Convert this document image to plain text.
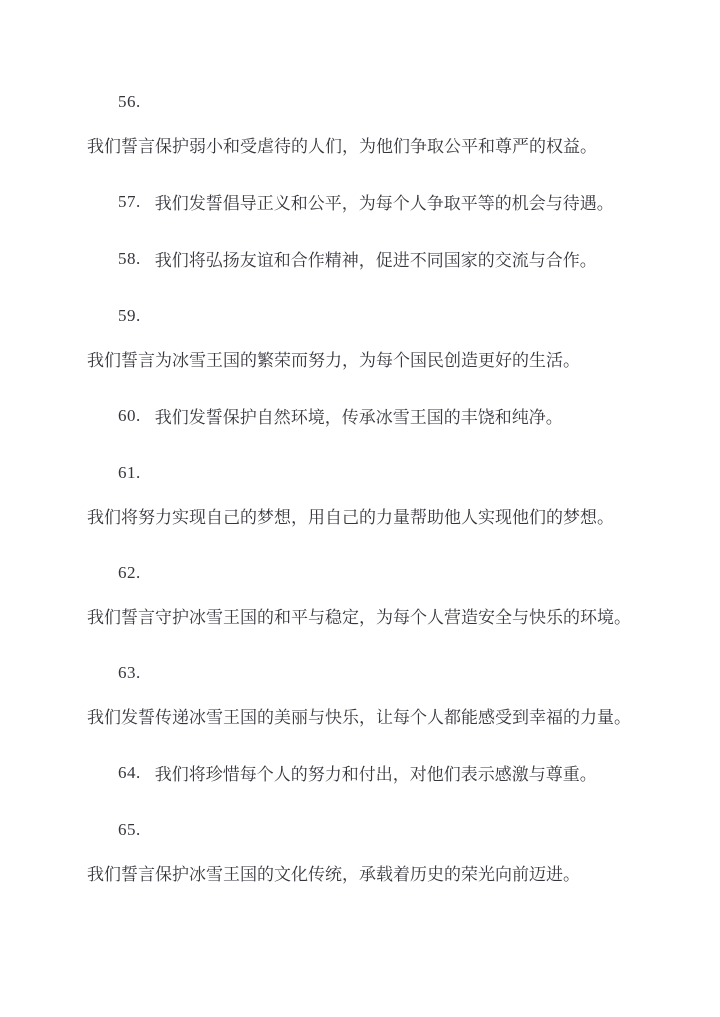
56.
我们誓言保护弱小和受虐待的人们，为他们争取公平和尊严的权益。
57. 我们发誓倡导正义和公平，为每个人争取平等的机会与待遇。
58. 我们将弘扬友谊和合作精神，促进不同国家的交流与合作。
59.
我们誓言为冰雪王国的繁荣而努力，为每个国民创造更好的生活。
60. 我们发誓保护自然环境，传承冰雪王国的丰饶和纯净。
61.
我们将努力实现自己的梦想，用自己的力量帮助他人实现他们的梦想。
62.
我们誓言守护冰雪王国的和平与稳定，为每个人营造安全与快乐的环境。
63.
我们发誓传递冰雪王国的美丽与快乐，让每个人都能感受到幸福的力量。
64. 我们将珍惜每个人的努力和付出，对他们表示感激与尊重。
65.
我们誓言保护冰雪王国的文化传统，承载着历史的荣光向前迈进。
